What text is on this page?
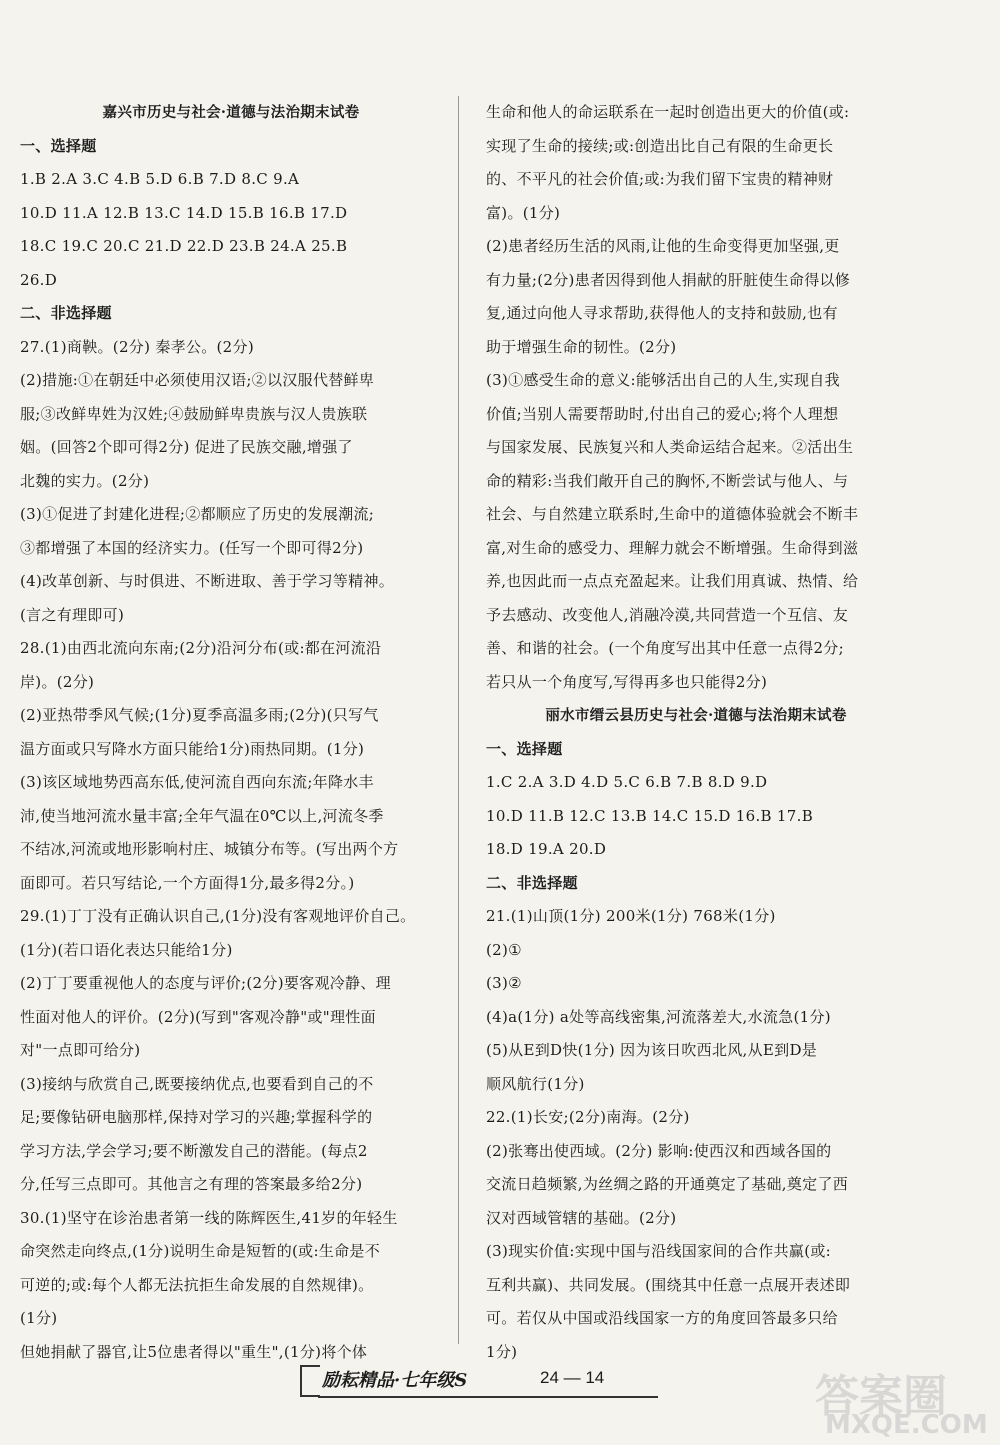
嘉兴市历史与社会·道德与法治期末试卷
一、选择题
1.B 2.A 3.C 4.B 5.D 6.B 7.D 8.C 9.A
10.D 11.A 12.B 13.C 14.D 15.B 16.B 17.D
18.C 19.C 20.C 21.D 22.D 23.B 24.A 25.B
26.D
二、非选择题
27.(1)商鞅。(2分) 秦孝公。(2分)
(2)措施:①在朝廷中必须使用汉语;②以汉服代替鲜卑
服;③改鲜卑姓为汉姓;④鼓励鲜卑贵族与汉人贵族联
姻。(回答2个即可得2分) 促进了民族交融,增强了
北魏的实力。(2分)
(3)①促进了封建化进程;②都顺应了历史的发展潮流;
③都增强了本国的经济实力。(任写一个即可得2分)
(4)改革创新、与时俱进、不断进取、善于学习等精神。
(言之有理即可)
28.(1)由西北流向东南;(2分)沿河分布(或:都在河流沿
岸)。(2分)
(2)亚热带季风气候;(1分)夏季高温多雨;(2分)(只写气
温方面或只写降水方面只能给1分)雨热同期。(1分)
(3)该区域地势西高东低,使河流自西向东流;年降水丰
沛,使当地河流水量丰富;全年气温在0℃以上,河流冬季
不结冰,河流或地形影响村庄、城镇分布等。(写出两个方
面即可。若只写结论,一个方面得1分,最多得2分。)
29.(1)丁丁没有正确认识自己,(1分)没有客观地评价自己。
(1分)(若口语化表达只能给1分)
(2)丁丁要重视他人的态度与评价;(2分)要客观冷静、理
性面对他人的评价。(2分)(写到"客观冷静"或"理性面
对"一点即可给分)
(3)接纳与欣赏自己,既要接纳优点,也要看到自己的不
足;要像钻研电脑那样,保持对学习的兴趣;掌握科学的
学习方法,学会学习;要不断激发自己的潜能。(每点2
分,任写三点即可。其他言之有理的答案最多给2分)
30.(1)坚守在诊治患者第一线的陈辉医生,41岁的年轻生
命突然走向终点,(1分)说明生命是短暂的(或:生命是不
可逆的;或:每个人都无法抗拒生命发展的自然规律)。
(1分)
但她捐献了器官,让5位患者得以"重生",(1分)将个体
生命和他人的命运联系在一起时创造出更大的价值(或:
实现了生命的接续;或:创造出比自己有限的生命更长
的、不平凡的社会价值;或:为我们留下宝贵的精神财
富)。(1分)
(2)患者经历生活的风雨,让他的生命变得更加坚强,更
有力量;(2分)患者因得到他人捐献的肝脏使生命得以修
复,通过向他人寻求帮助,获得他人的支持和鼓励,也有
助于增强生命的韧性。(2分)
(3)①感受生命的意义:能够活出自己的人生,实现自我
价值;当别人需要帮助时,付出自己的爱心;将个人理想
与国家发展、民族复兴和人类命运结合起来。②活出生
命的精彩:当我们敞开自己的胸怀,不断尝试与他人、与
社会、与自然建立联系时,生命中的道德体验就会不断丰
富,对生命的感受力、理解力就会不断增强。生命得到滋
养,也因此而一点点充盈起来。让我们用真诚、热情、给
予去感动、改变他人,消融冷漠,共同营造一个互信、友
善、和谐的社会。(一个角度写出其中任意一点得2分;
若只从一个角度写,写得再多也只能得2分)
丽水市缙云县历史与社会·道德与法治期末试卷
一、选择题
1.C 2.A 3.D 4.D 5.C 6.B 7.B 8.D 9.D
10.D 11.B 12.C 13.B 14.C 15.D 16.B 17.B
18.D 19.A 20.D
二、非选择题
21.(1)山顶(1分) 200米(1分) 768米(1分)
(2)①
(3)②
(4)a(1分) a处等高线密集,河流落差大,水流急(1分)
(5)从E到D快(1分) 因为该日吹西北风,从E到D是
顺风航行(1分)
22.(1)长安;(2分)南海。(2分)
(2)张骞出使西域。(2分) 影响:使西汉和西域各国的
交流日趋频繁,为丝绸之路的开通奠定了基础,奠定了西
汉对西域管辖的基础。(2分)
(3)现实价值:实现中国与沿线国家间的合作共赢(或:
互利共赢)、共同发展。(围绕其中任意一点展开表述即
可。若仅从中国或沿线国家一方的角度回答最多只给
1分)
励耘精品·七年级S	24 — 14	答案圈
MXQE.COM
